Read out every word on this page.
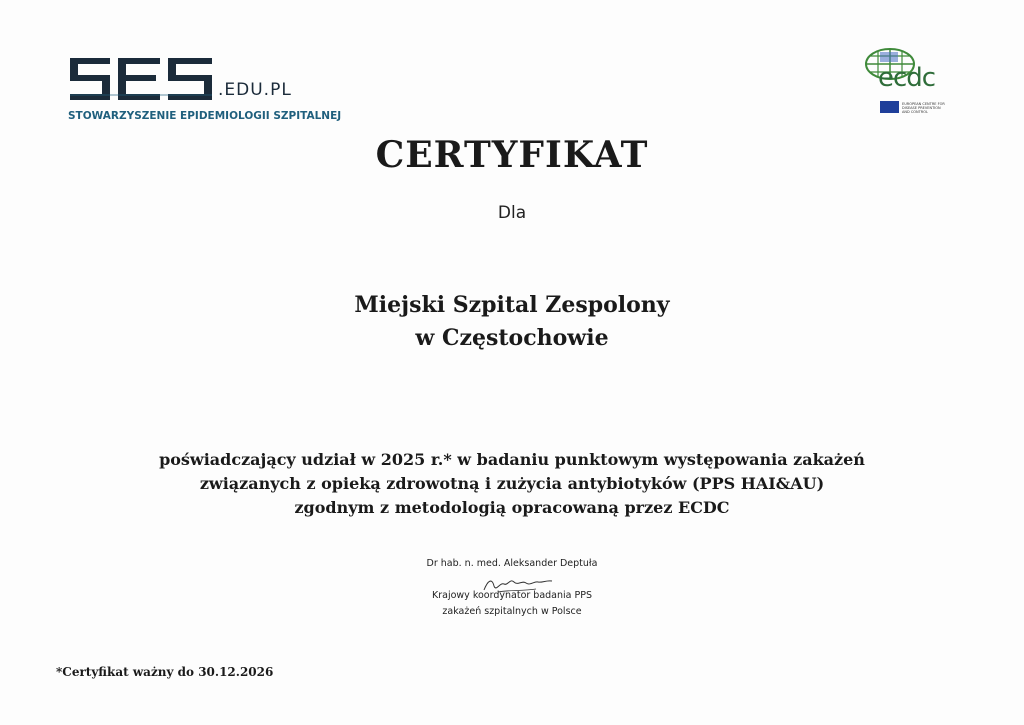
.EDU.PL
STOWARZYSZENIE EPIDEMIOLOGII SZPITALNEJ
ecdc
EUROPEAN CENTRE FOR DISEASE PREVENTION AND CONTROL
CERTYFIKAT
Dla
Miejski Szpital Zespolony
w Częstochowie
poświadczający udział w 2025 r.* w badaniu punktowym występowania zakażeń
związanych z opieką zdrowotną i zużycia antybiotyków (PPS HAI&AU)
zgodnym z metodologią opracowaną przez ECDC
Dr hab. n. med. Aleksander Deptuła
Krajowy koordynator badania PPS
zakażeń szpitalnych w Polsce
*Certyfikat ważny do 30.12.2026
